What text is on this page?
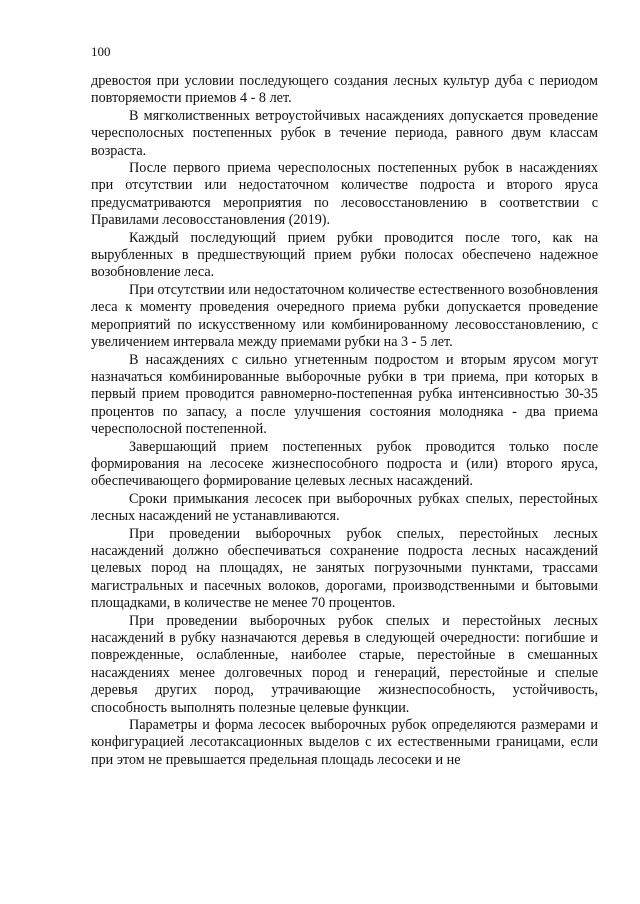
100

древостоя при условии последующего создания лесных культур дуба с периодом повторяемости приемов 4 - 8 лет.

В мягколиственных ветроустойчивых насаждениях допускается проведение чересполосных постепенных рубок в течение периода, равного двум классам возраста.

После первого приема чересполосных постепенных рубок в насаждениях при отсутствии или недостаточном количестве подроста и второго яруса предусматриваются мероприятия по лесовосстановлению в соответствии с Правилами лесовосстановления (2019).

Каждый последующий прием рубки проводится после того, как на вырубленных в предшествующий прием рубки полосах обеспечено надежное возобновление леса.

При отсутствии или недостаточном количестве естественного возобновления леса к моменту проведения очередного приема рубки допускается проведение мероприятий по искусственному или комбинированному лесовосстановлению, с увеличением интервала между приемами рубки на 3 - 5 лет.

В насаждениях с сильно угнетенным подростом и вторым ярусом могут назначаться комбинированные выборочные рубки в три приема, при которых в первый прием проводится равномерно-постепенная рубка интенсивностью 30-35 процентов по запасу, а после улучшения состояния молодняка - два приема чересполосной постепенной.

Завершающий прием постепенных рубок проводится только после формирования на лесосеке жизнеспособного подроста и (или) второго яруса, обеспечивающего формирование целевых лесных насаждений.

Сроки примыкания лесосек при выборочных рубках спелых, перестойных лесных насаждений не устанавливаются.

При проведении выборочных рубок спелых, перестойных лесных насаждений должно обеспечиваться сохранение подроста лесных насаждений целевых пород на площадях, не занятых погрузочными пунктами, трассами магистральных и пасечных волоков, дорогами, производственными и бытовыми площадками, в количестве не менее 70 процентов.

При проведении выборочных рубок спелых и перестойных лесных насаждений в рубку назначаются деревья в следующей очередности: погибшие и поврежденные, ослабленные, наиболее старые, перестойные в смешанных насаждениях менее долговечных пород и генераций, перестойные и спелые деревья других пород, утрачивающие жизнеспособность, устойчивость, способность выполнять полезные целевые функции.

Параметры и форма лесосек выборочных рубок определяются размерами и конфигурацией лесотаксационных выделов с их естественными границами, если при этом не превышается предельная площадь лесосеки и не
